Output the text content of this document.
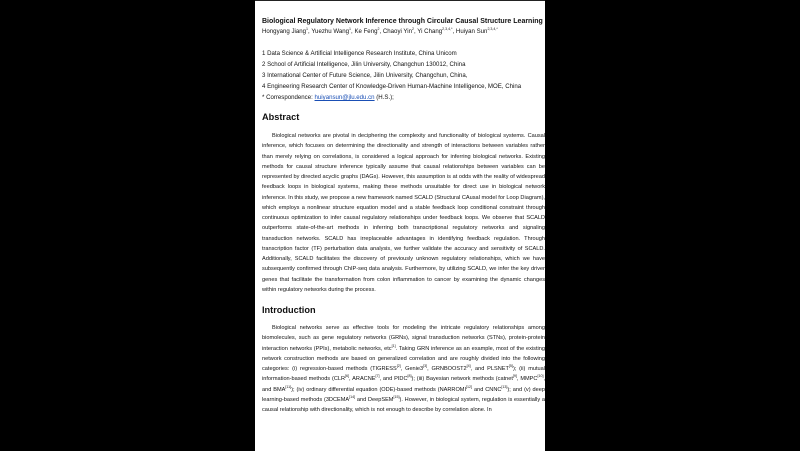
Biological Regulatory Network Inference through Circular Causal Structure Learning

Hongyang Jiang$^1$, Yuezhu Wang$^1$, Ke Feng$^2$, Chaoyi Yin$^2$, Yi Chang$^{2,3,4,*}$, Huiyan Sun$^{2,3,4,*}$

1 Data Science & Artificial Intelligence Research Institute, China Unicom
2 School of Artificial Intelligence, Jilin University, Changchun 130012, China
3 International Center of Future Science, Jilin University, Changchun, China,
4 Engineering Research Center of Knowledge-Driven Human-Machine Intelligence, MOE, China
* Correspondence: huiyansun@jlu.edu.cn (H.S.);
Abstract

Biological networks are pivotal in deciphering the complexity and functionality of biological systems. Causal inference, which focuses on determining the directionality and strength of interactions between variables rather than merely relying on correlations, is considered a logical approach for inferring biological networks. Existing methods for causal structure inference typically assume that causal relationships between variables can be represented by directed acyclic graphs (DAGs). However, this assumption is at odds with the reality of widespread feedback loops in biological systems, making these methods unsuitable for direct use in biological network inference. In this study, we propose a new framework named SCALD (Structural CAusal model for Loop Diagram), which employs a nonlinear structure equation model and a stable feedback loop conditional constraint through continuous optimization to infer causal regulatory relationships under feedback loops. We observe that SCALD outperforms state-of-the-art methods in inferring both transcriptional regulatory networks and signaling transduction networks. SCALD has irreplaceable advantages in identifying feedback regulation. Through transcription factor (TF) perturbation data analysis, we further validate the accuracy and sensitivity of SCALD. Additionally, SCALD facilitates the discovery of previously unknown regulatory relationships, which we have subsequently confirmed through ChIP-seq data analysis. Furthermore, by utilizing SCALD, we infer the key driver genes that facilitate the transformation from colon inflammation to cancer by examining the dynamic changes within regulatory networks during the process.

Introduction

Biological networks serve as effective tools for modeling the intricate regulatory relationships among biomolecules, such as gene regulatory networks (GRNs), signal transduction networks (STNs), protein-protein interaction networks (PPIs), metabolic networks, etc[1]. Taking GRN inference as an example, most of the existing network construction methods are based on generalized correlation and are roughly divided into the following categories: (i) regression-based methods (TIGRESS[2], Genie3[3], GRNBOOST2[4], and PLSNET[5]); (ii) mutual information-based methods (CLR[6], ARACNE[7], and PIDC[8]); (iii) Bayesian network methods (catnet[9], MMPC[10], and BMA[11]); (iv) ordinary differential equation (ODE)-based methods (NARROMI[12] and CNNC[13]); and (v) deep learning-based methods (3DCEMA[14] and DeepSEM[15]). However, in biological system, regulation is essentially a causal relationship with directionality, which is not enough to describe by correlation alone. In
